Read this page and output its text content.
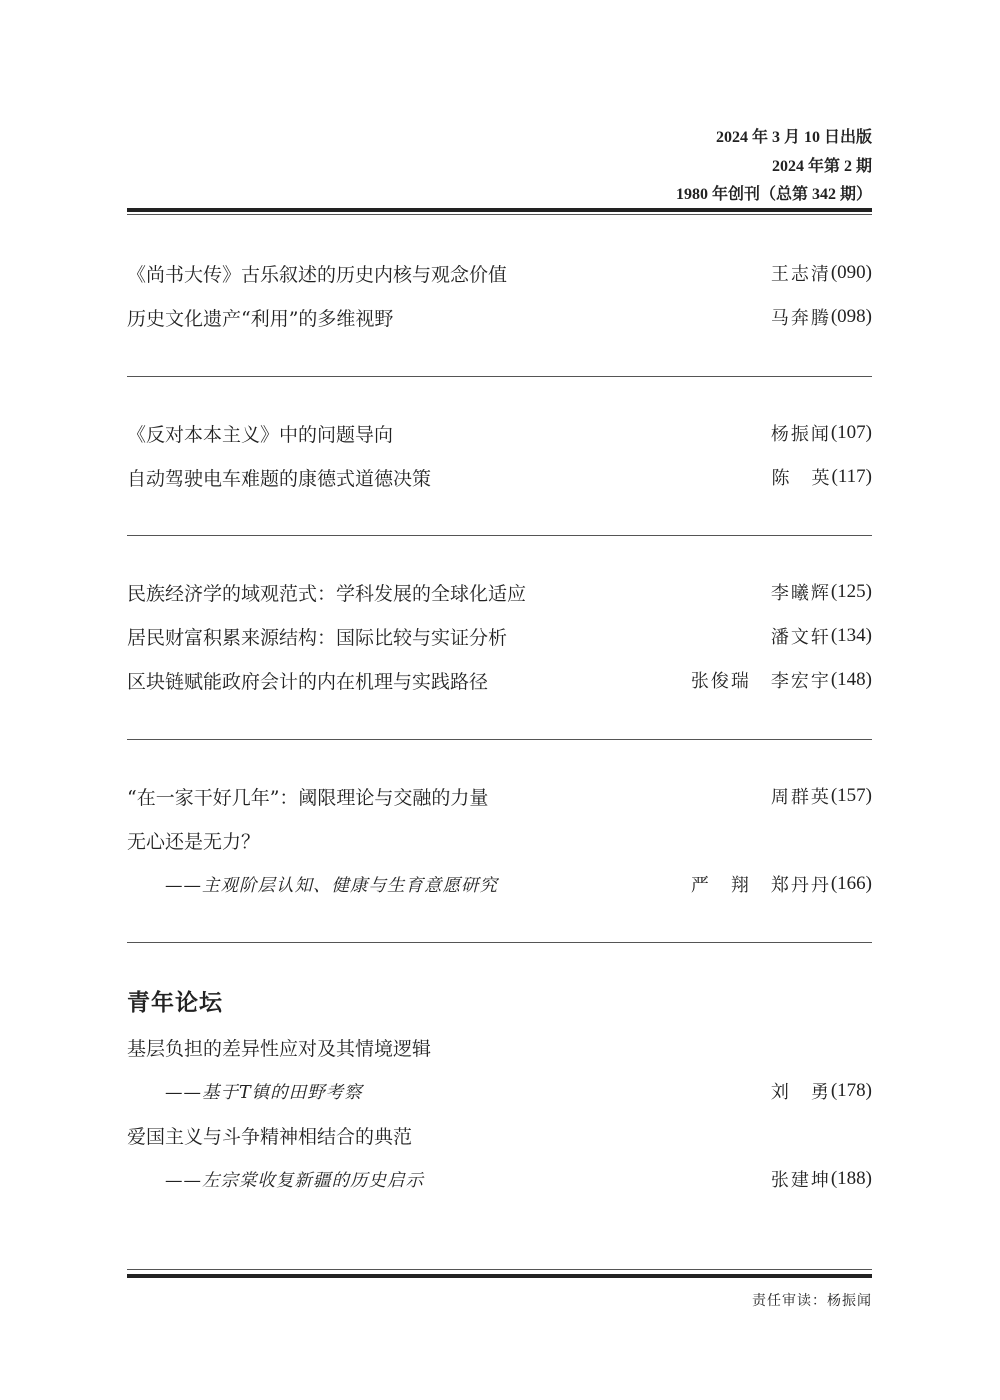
2024 年 3 月 10 日出版
2024 年第 2 期
1980 年创刊（总第 342 期）
《尚书大传》古乐叙述的历史内核与观念价值	王志清 (090)
历史文化遗产“利用”的多维视野	马奔腾 (098)
《反对本本主义》中的问题导向	杨振闻 (107)
自动驾驶电车难题的康德式道德决策	陈　英 (117)
民族经济学的域观范式：学科发展的全球化适应	李曦辉 (125)
居民财富积累来源结构：国际比较与实证分析	潘文轩 (134)
区块链赋能政府会计的内在机理与实践路径	张俊瑞 李宏宇 (148)
“在一家干好几年”：阈限理论与交融的力量	周群英 (157)
无心还是无力？
——主观阶层认知、健康与生育意愿研究	严　翔 郑丹丹 (166)
青年论坛
基层负担的差异性应对及其情境逻辑
——基于T镇的田野考察	刘　勇 (178)
爱国主义与斗争精神相结合的典范
——左宗棠收复新疆的历史启示	张建坤 (188)
责任审读：杨振闻
